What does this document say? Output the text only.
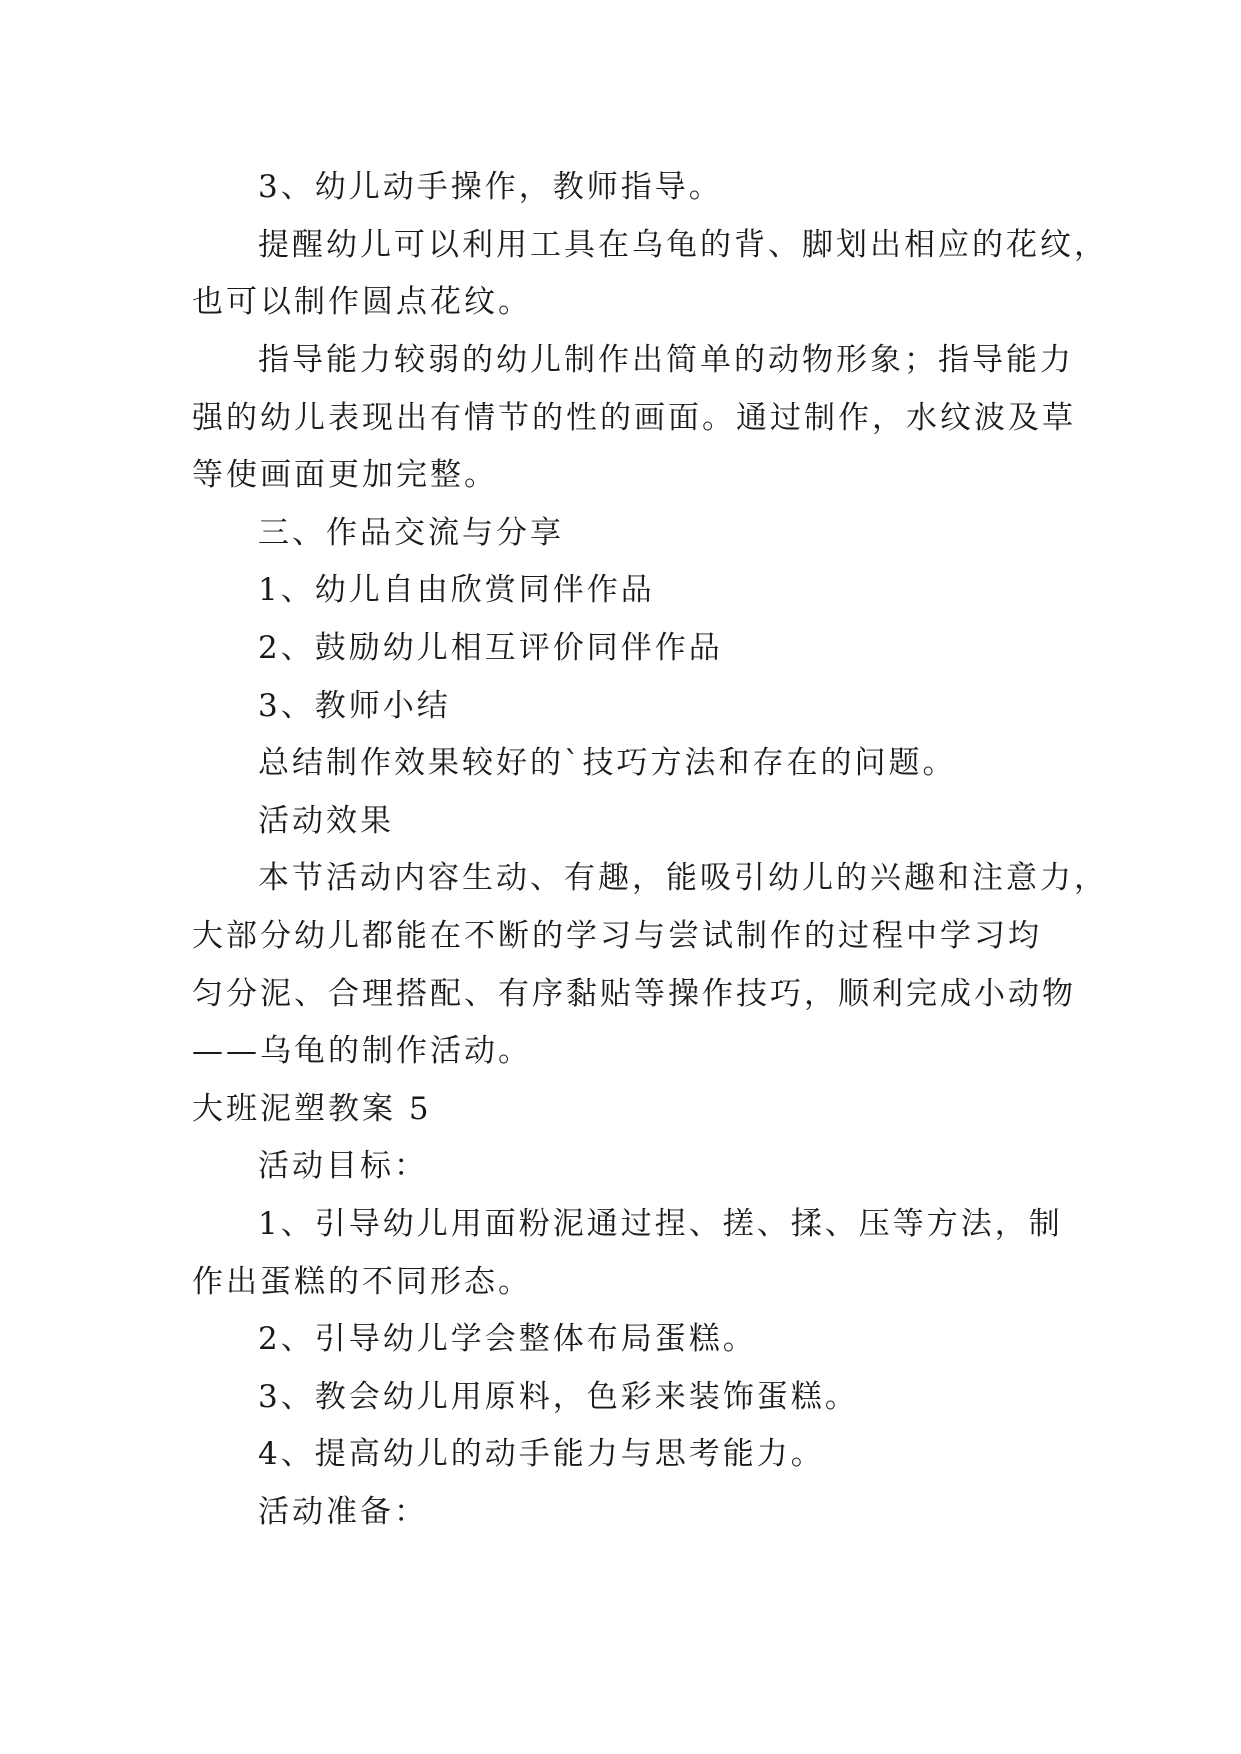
3、幼儿动手操作，教师指导。
提醒幼儿可以利用工具在乌龟的背、脚划出相应的花纹，
也可以制作圆点花纹。
指导能力较弱的幼儿制作出简单的动物形象；指导能力
强的幼儿表现出有情节的性的画面。通过制作，水纹波及草
等使画面更加完整。
三、作品交流与分享
1、幼儿自由欣赏同伴作品
2、鼓励幼儿相互评价同伴作品
3、教师小结
总结制作效果较好的`技巧方法和存在的问题。
活动效果
本节活动内容生动、有趣，能吸引幼儿的兴趣和注意力，
大部分幼儿都能在不断的学习与尝试制作的过程中学习均
匀分泥、合理搭配、有序黏贴等操作技巧，顺利完成小动物
——乌龟的制作活动。
大班泥塑教案 5
活动目标：
1、引导幼儿用面粉泥通过捏、搓、揉、压等方法，制
作出蛋糕的不同形态。
2、引导幼儿学会整体布局蛋糕。
3、教会幼儿用原料，色彩来装饰蛋糕。
4、提高幼儿的动手能力与思考能力。
活动准备：
